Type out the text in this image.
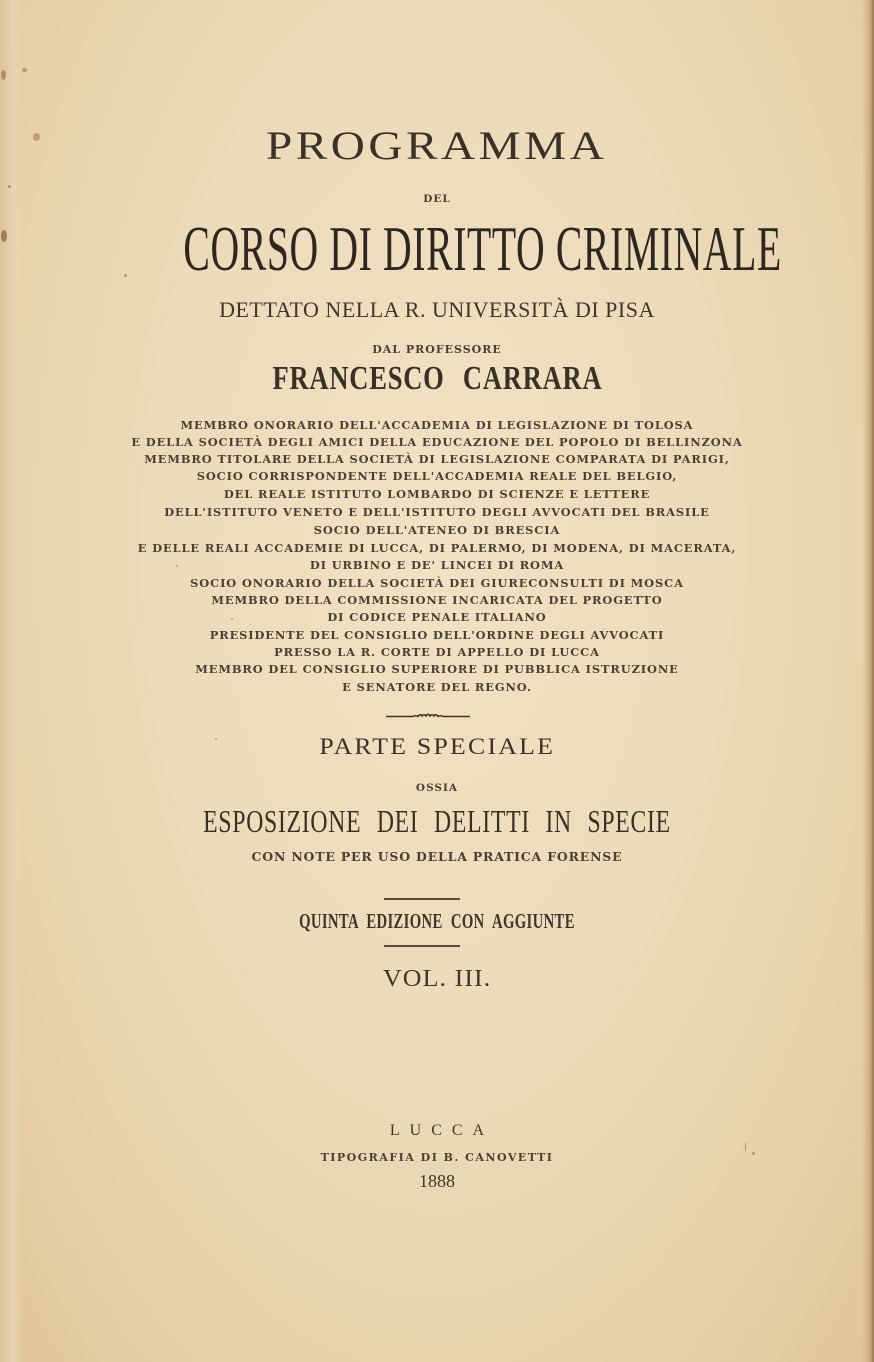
PROGRAMMA
DEL
CORSO DI DIRITTO CRIMINALE
DETTATO NELLA R. UNIVERSITÀ DI PISA
DAL PROFESSORE
FRANCESCO CARRARA
MEMBRO ONORARIO DELL'ACCADEMIA DI LEGISLAZIONE DI TOLOSA
E DELLA SOCIETÀ DEGLI AMICI DELLA EDUCAZIONE DEL POPOLO DI BELLINZONA
MEMBRO TITOLARE DELLA SOCIETÀ DI LEGISLAZIONE COMPARATA DI PARIGI,
SOCIO CORRISPONDENTE DELL'ACCADEMIA REALE DEL BELGIO,
DEL REALE ISTITUTO LOMBARDO DI SCIENZE E LETTERE
DELL'ISTITUTO VENETO E DELL'ISTITUTO DEGLI AVVOCATI DEL BRASILE
SOCIO DELL'ATENEO DI BRESCIA
E DELLE REALI ACCADEMIE DI LUCCA, DI PALERMO, DI MODENA, DI MACERATA,
DI URBINO E DE' LINCEI DI ROMA
SOCIO ONORARIO DELLA SOCIETÀ DEI GIURECONSULTI DI MOSCA
MEMBRO DELLA COMMISSIONE INCARICATA DEL PROGETTO
DI CODICE PENALE ITALIANO
PRESIDENTE DEL CONSIGLIO DELL'ORDINE DEGLI AVVOCATI
PRESSO LA R. CORTE DI APPELLO DI LUCCA
MEMBRO DEL CONSIGLIO SUPERIORE DI PUBBLICA ISTRUZIONE
E SENATORE DEL REGNO.
PARTE SPECIALE
OSSIA
ESPOSIZIONE DEI DELITTI IN SPECIE
CON NOTE PER USO DELLA PRATICA FORENSE
QUINTA EDIZIONE CON AGGIUNTE
VOL. III.
LUCCA
TIPOGRAFIA DI B. CANOVETTI
1888
